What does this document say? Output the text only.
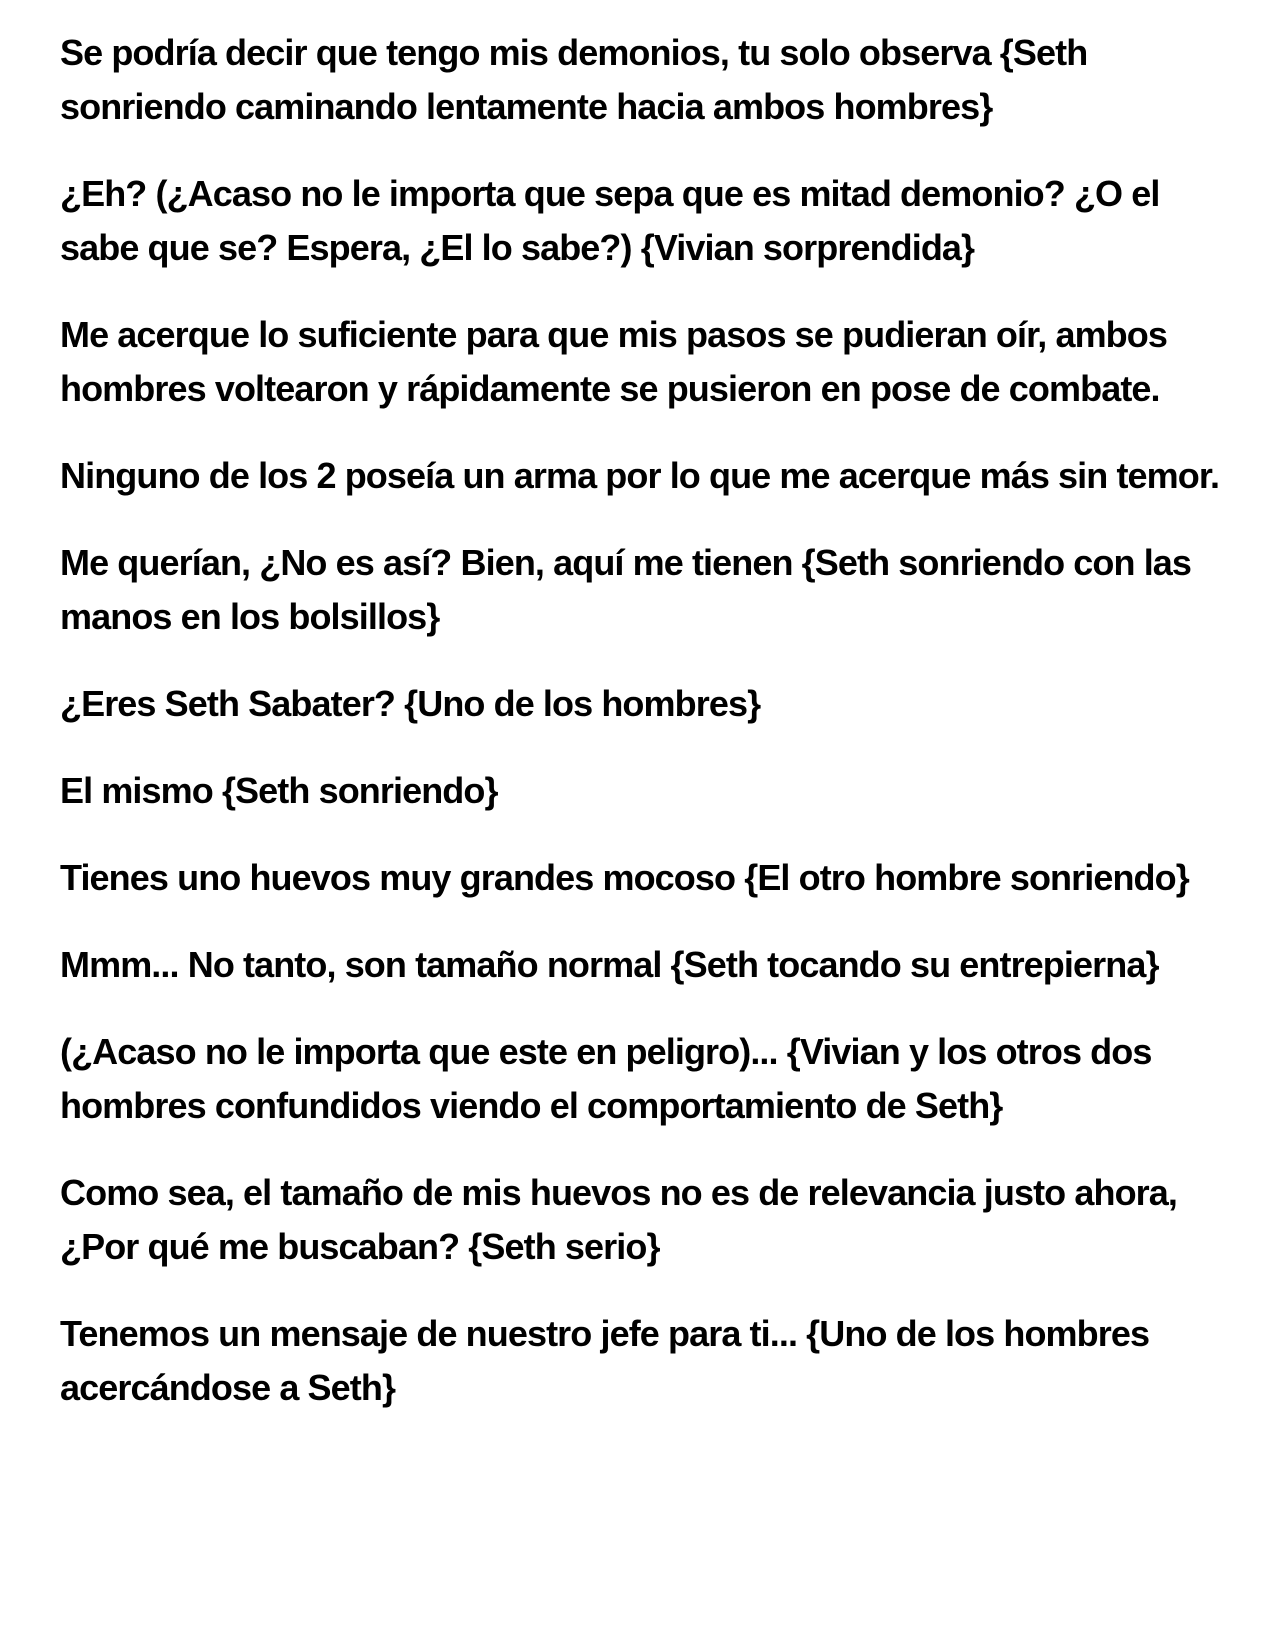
Se podría decir que tengo mis demonios, tu solo observa {Seth sonriendo caminando lentamente hacia ambos hombres}

¿Eh? (¿Acaso no le importa que sepa que es mitad demonio? ¿O el sabe que se? Espera, ¿El lo sabe?) {Vivian sorprendida}

Me acerque lo suficiente para que mis pasos se pudieran oír, ambos hombres voltearon y rápidamente se pusieron en pose de combate.

Ninguno de los 2 poseía un arma por lo que me acerque más sin temor.

Me querían, ¿No es así? Bien, aquí me tienen {Seth sonriendo con las manos en los bolsillos}

¿Eres Seth Sabater? {Uno de los hombres}

El mismo {Seth sonriendo}

Tienes uno huevos muy grandes mocoso {El otro hombre sonriendo}

Mmm... No tanto, son tamaño normal {Seth tocando su entrepierna}

(¿Acaso no le importa que este en peligro)... {Vivian y los otros dos hombres confundidos viendo el comportamiento de Seth}

Como sea, el tamaño de mis huevos no es de relevancia justo ahora, ¿Por qué me buscaban? {Seth serio}

Tenemos un mensaje de nuestro jefe para ti... {Uno de los hombres acercándose a Seth}
